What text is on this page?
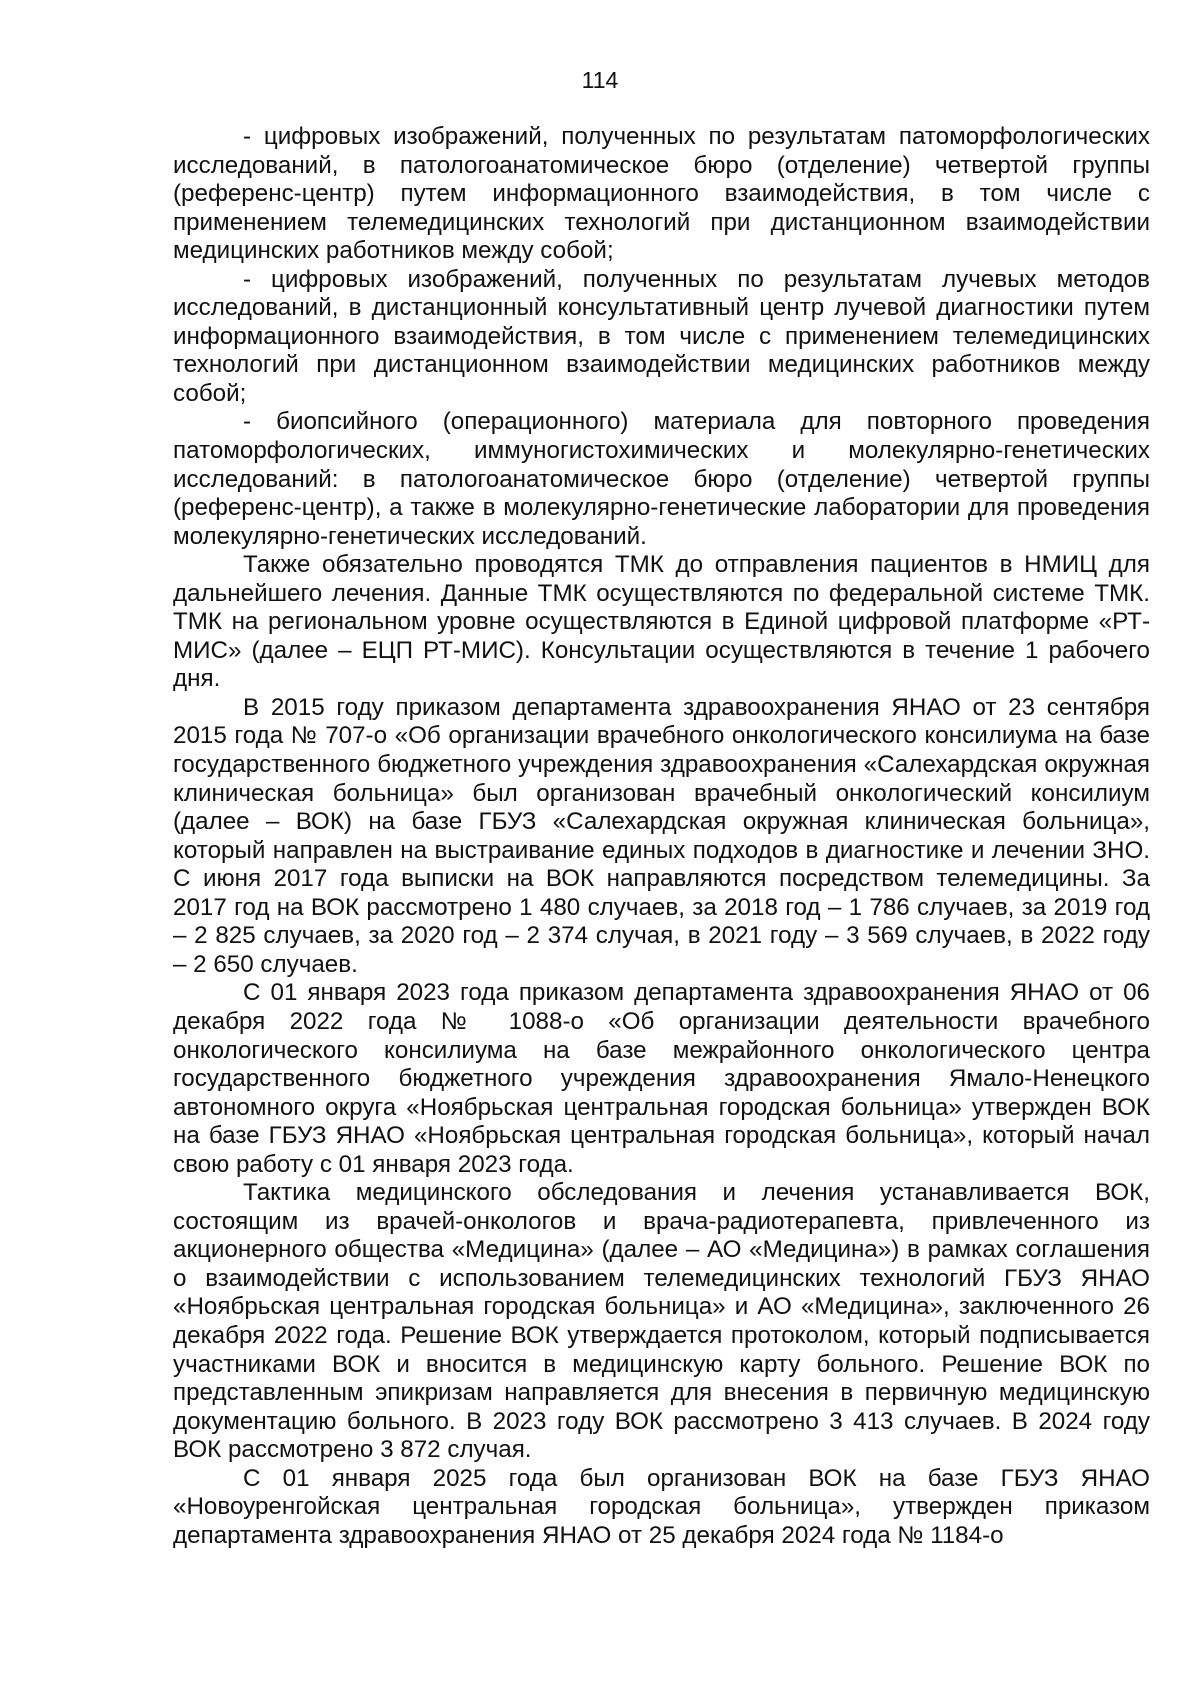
114

- цифровых изображений, полученных по результатам патоморфологических исследований, в патологоанатомическое бюро (отделение) четвертой группы (референс-центр) путем информационного взаимодействия, в том числе с применением телемедицинских технологий при дистанционном взаимодействии медицинских работников между собой;

- цифровых изображений, полученных по результатам лучевых методов исследований, в дистанционный консультативный центр лучевой диагностики путем информационного взаимодействия, в том числе с применением телемедицинских технологий при дистанционном взаимодействии медицинских работников между собой;

- биопсийного (операционного) материала для повторного проведения патоморфологических, иммуногистохимических и молекулярно-генетических исследований: в патологоанатомическое бюро (отделение) четвертой группы (референс-центр), а также в молекулярно-генетические лаборатории для проведения молекулярно-генетических исследований.

Также обязательно проводятся ТМК до отправления пациентов в НМИЦ для дальнейшего лечения. Данные ТМК осуществляются по федеральной системе ТМК. ТМК на региональном уровне осуществляются в Единой цифровой платформе «РТ-МИС» (далее – ЕЦП РТ-МИС). Консультации осуществляются в течение 1 рабочего дня.

В 2015 году приказом департамента здравоохранения ЯНАО от 23 сентября 2015 года № 707-о «Об организации врачебного онкологического консилиума на базе государственного бюджетного учреждения здравоохранения «Салехардская окружная клиническая больница» был организован врачебный онкологический консилиум (далее – ВОК) на базе ГБУЗ «Салехардская окружная клиническая больница», который направлен на выстраивание единых подходов в диагностике и лечении ЗНО. С июня 2017 года выписки на ВОК направляются посредством телемедицины. За 2017 год на ВОК рассмотрено 1 480 случаев, за 2018 год – 1 786 случаев, за 2019 год – 2 825 случаев, за 2020 год – 2 374 случая, в 2021 году – 3 569 случаев, в 2022 году – 2 650 случаев.

С 01 января 2023 года приказом департамента здравоохранения ЯНАО от 06 декабря 2022 года № 1088-о «Об организации деятельности врачебного онкологического консилиума на базе межрайонного онкологического центра государственного бюджетного учреждения здравоохранения Ямало-Ненецкого автономного округа «Ноябрьская центральная городская больница» утвержден ВОК на базе ГБУЗ ЯНАО «Ноябрьская центральная городская больница», который начал свою работу с 01 января 2023 года.

Тактика медицинского обследования и лечения устанавливается ВОК, состоящим из врачей-онкологов и врача-радиотерапевта, привлеченного из акционерного общества «Медицина» (далее – АО «Медицина») в рамках соглашения о взаимодействии с использованием телемедицинских технологий ГБУЗ ЯНАО «Ноябрьская центральная городская больница» и АО «Медицина», заключенного 26 декабря 2022 года. Решение ВОК утверждается протоколом, который подписывается участниками ВОК и вносится в медицинскую карту больного. Решение ВОК по представленным эпикризам направляется для внесения в первичную медицинскую документацию больного. В 2023 году ВОК рассмотрено 3 413 случаев. В 2024 году ВОК рассмотрено 3 872 случая.

С 01 января 2025 года был организован ВОК на базе ГБУЗ ЯНАО «Новоуренгойская центральная городская больница», утвержден приказом департамента здравоохранения ЯНАО от 25 декабря 2024 года № 1184-о
